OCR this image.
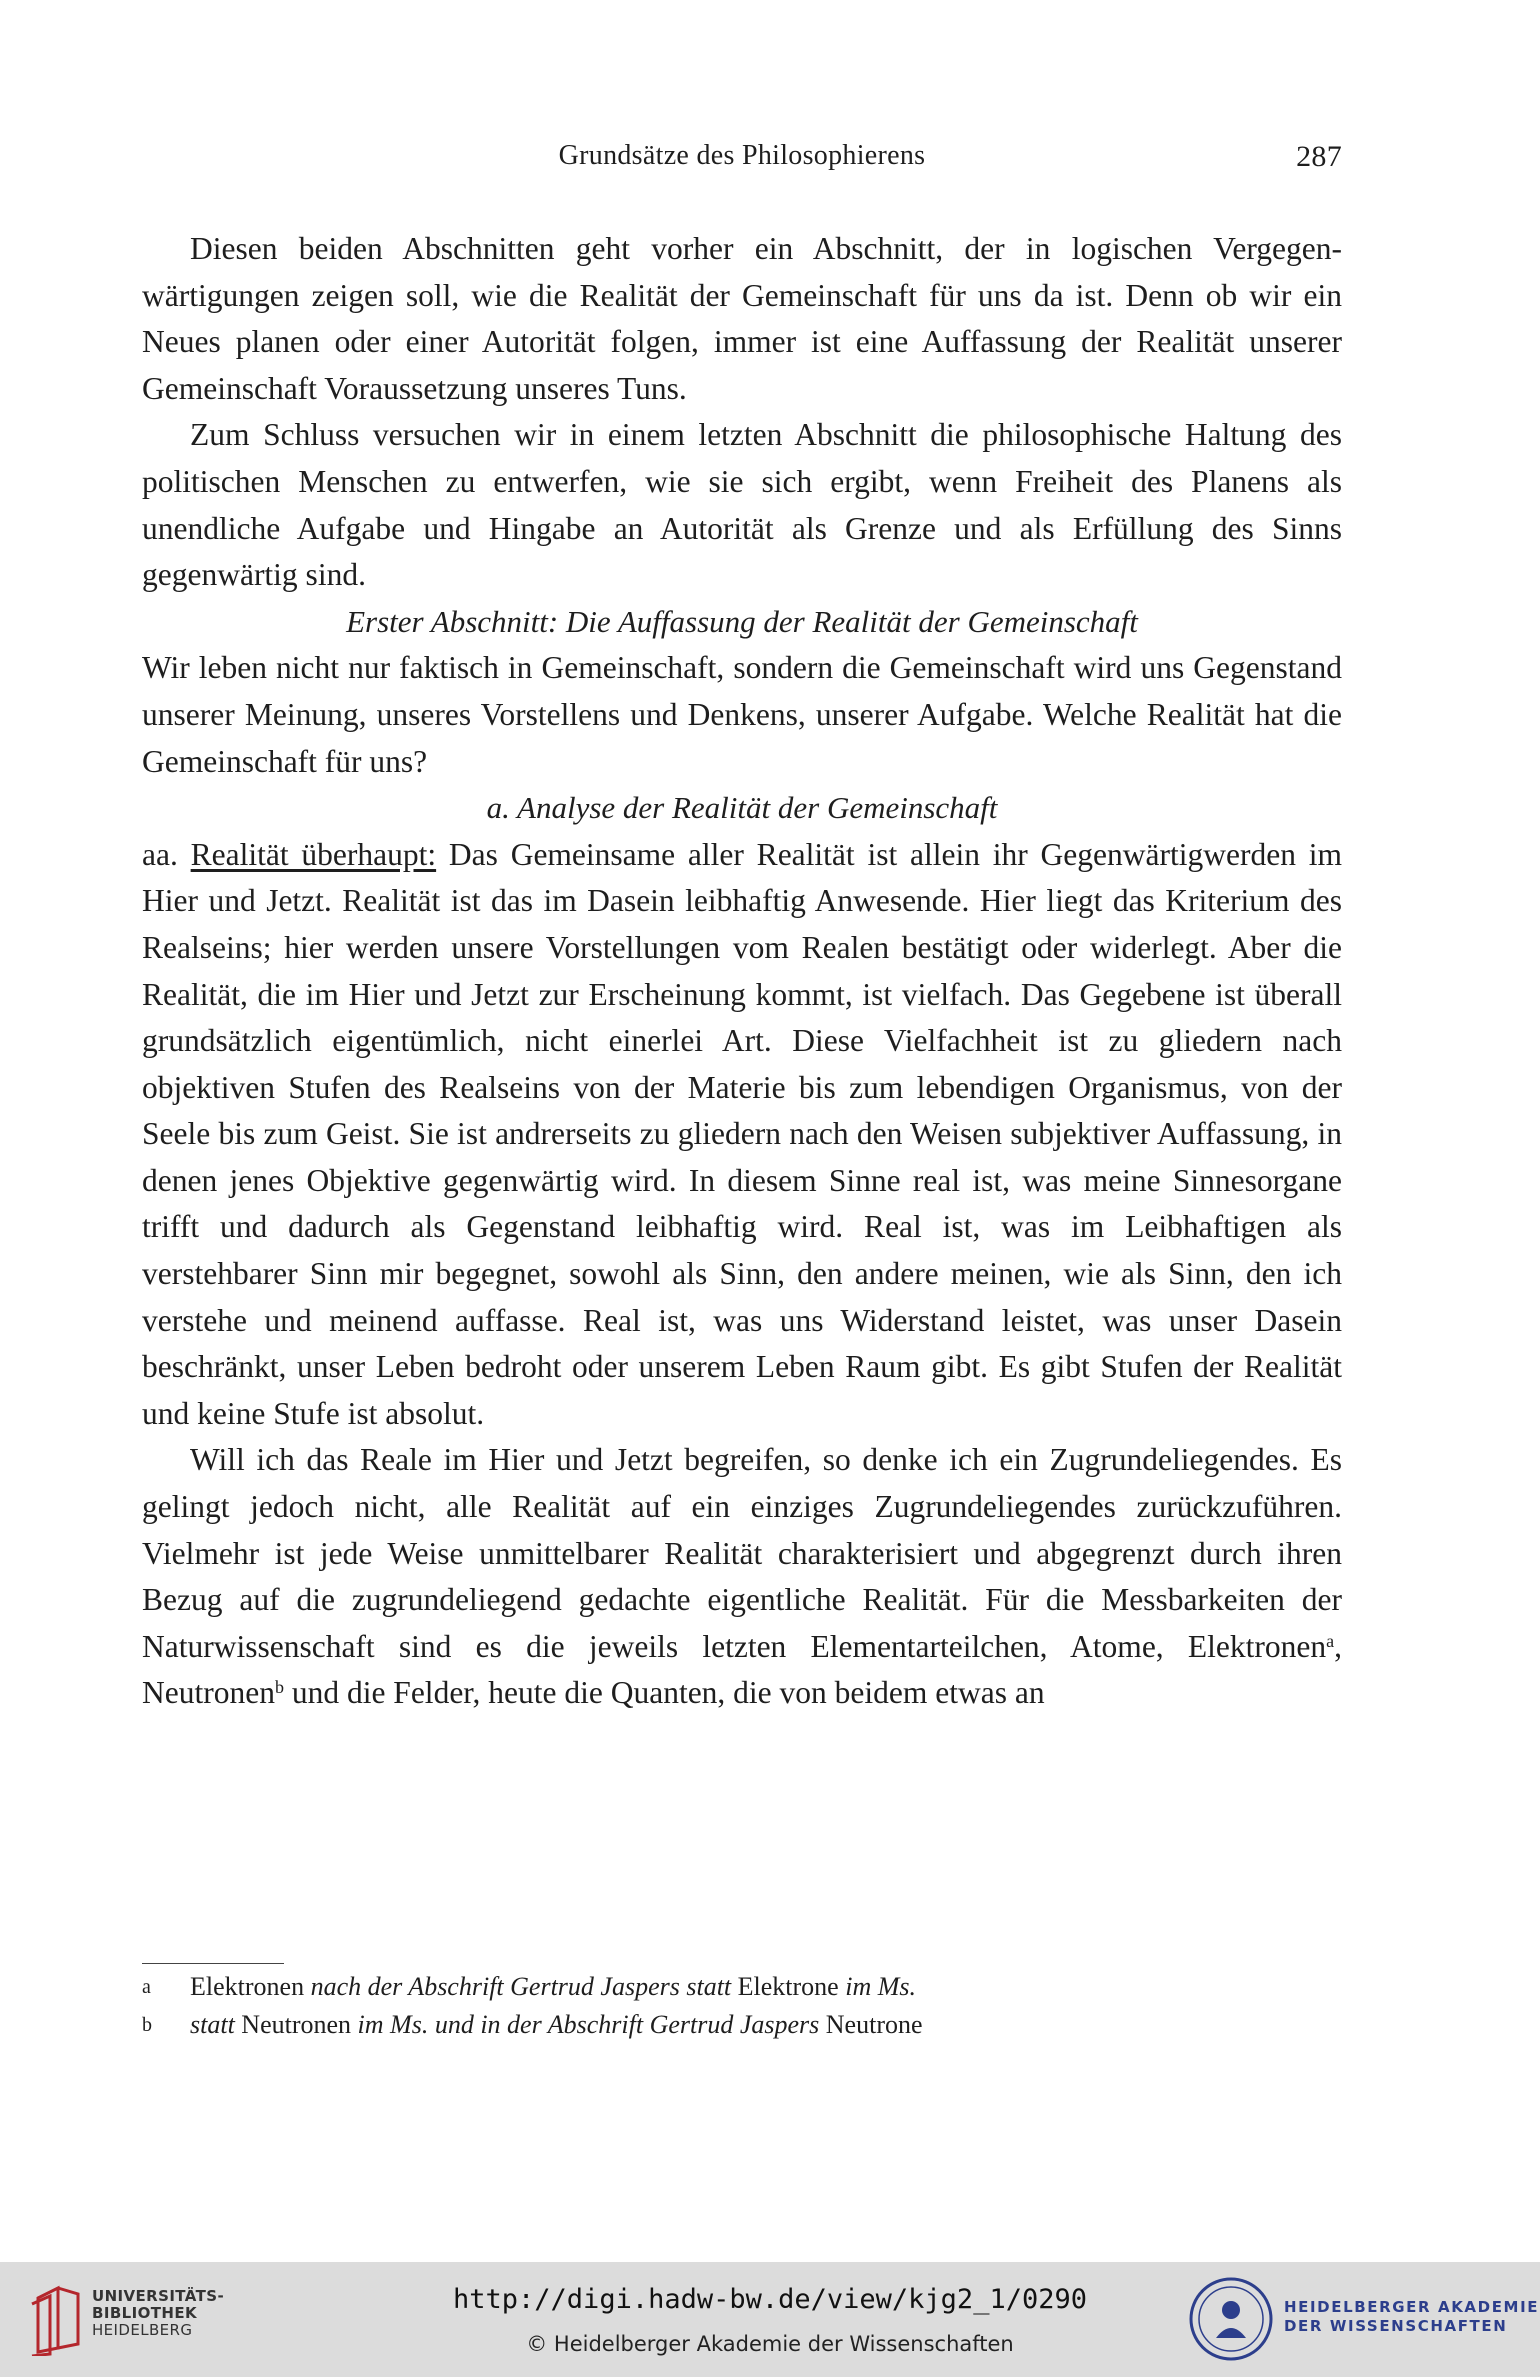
Grundsätze des Philosophierens	287

Diesen beiden Abschnitten geht vorher ein Abschnitt, der in logischen Vergegenwärtigungen zeigen soll, wie die Realität der Gemeinschaft für uns da ist. Denn ob wir ein Neues planen oder einer Autorität folgen, immer ist eine Auffassung der Realität unserer Gemeinschaft Voraussetzung unseres Tuns.

Zum Schluss versuchen wir in einem letzten Abschnitt die philosophische Haltung des politischen Menschen zu entwerfen, wie sie sich ergibt, wenn Freiheit des Planens als unendliche Aufgabe und Hingabe an Autorität als Grenze und als Erfüllung des Sinns gegenwärtig sind.

Erster Abschnitt: Die Auffassung der Realität der Gemeinschaft

Wir leben nicht nur faktisch in Gemeinschaft, sondern die Gemeinschaft wird uns Gegenstand unserer Meinung, unseres Vorstellens und Denkens, unserer Aufgabe. Welche Realität hat die Gemeinschaft für uns?

a. Analyse der Realität der Gemeinschaft

aa. Realität überhaupt: Das Gemeinsame aller Realität ist allein ihr Gegenwärtigwerden im Hier und Jetzt. Realität ist das im Dasein leibhaftig Anwesende. Hier liegt das Kriterium des Realseins; hier werden unsere Vorstellungen vom Realen bestätigt oder widerlegt. Aber die Realität, die im Hier und Jetzt zur Erscheinung kommt, ist vielfach. Das Gegebene ist überall grundsätzlich eigentümlich, nicht einerlei Art. Diese Vielfachheit ist zu gliedern nach objektiven Stufen des Realseins von der Materie bis zum lebendigen Organismus, von der Seele bis zum Geist. Sie ist andrerseits zu gliedern nach den Weisen subjektiver Auffassung, in denen jenes Objektive gegenwärtig wird. In diesem Sinne real ist, was meine Sinnesorgane trifft und dadurch als Gegenstand leibhaftig wird. Real ist, was im Leibhaftigen als verstehbarer Sinn mir begegnet, sowohl als Sinn, den andere meinen, wie als Sinn, den ich verstehe und meinend auffasse. Real ist, was uns Widerstand leistet, was unser Dasein beschränkt, unser Leben bedroht oder unserem Leben Raum gibt. Es gibt Stufen der Realität und keine Stufe ist absolut.

Will ich das Reale im Hier und Jetzt begreifen, so denke ich ein Zugrundeliegendes. Es gelingt jedoch nicht, alle Realität auf ein einziges Zugrundeliegendes zurückzuführen. Vielmehr ist jede Weise unmittelbarer Realität charakterisiert und abgegrenzt durch ihren Bezug auf die zugrundeliegend gedachte eigentliche Realität. Für die Messbarkeiten der Naturwissenschaft sind es die jeweils letzten Elementarteilchen, Atome, Elektronen$^a$, Neutronen$^b$ und die Felder, heute die Quanten, die von beidem etwas an

a Elektronen nach der Abschrift Gertrud Jaspers statt Elektrone im Ms.
b statt Neutronen im Ms. und in der Abschrift Gertrud Jaspers Neutrone
UNIVERSITÄTS-
BIBLIOTHEK
HEIDELBERG
http://digi.hadw-bw.de/view/kjg2_1/0290
© Heidelberger Akademie der Wissenschaften
HEIDELBERGER AKADEMIE
DER WISSENSCHAFTEN
